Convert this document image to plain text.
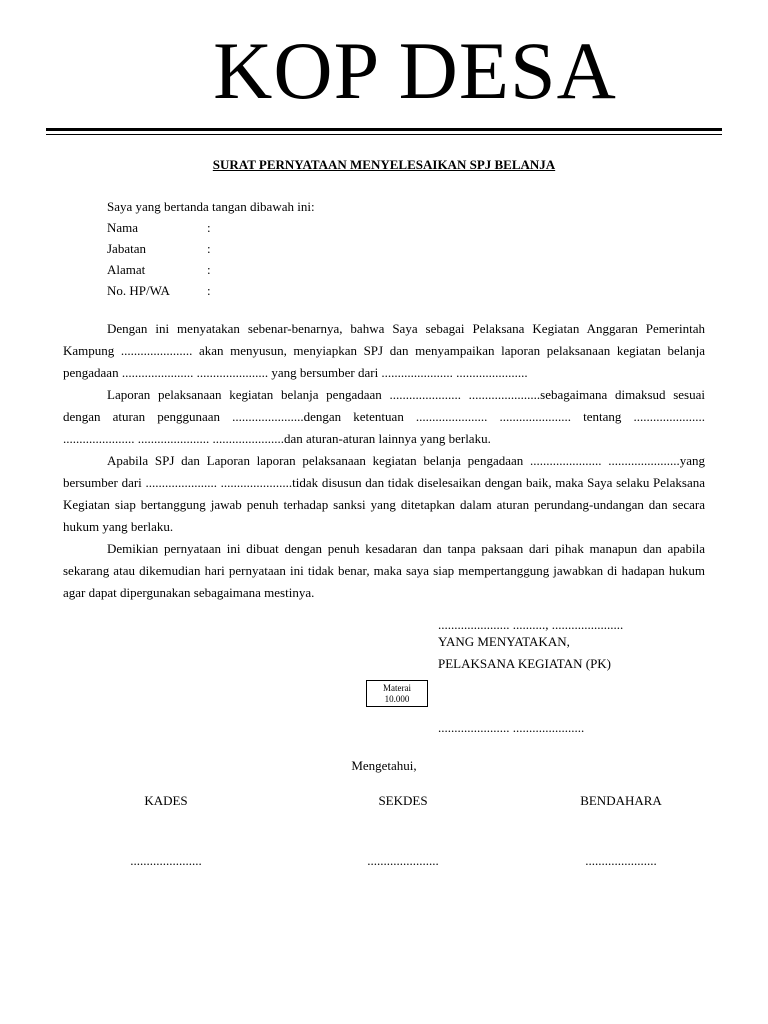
KOP DESA
SURAT PERNYATAAN MENYELESAIKAN SPJ BELANJA
Saya yang bertanda tangan dibawah ini:
Nama	:
Jabatan	:
Alamat	:
No. HP/WA	:

Dengan ini menyatakan sebenar-benarnya, bahwa Saya sebagai Pelaksana Kegiatan Anggaran Pemerintah Kampung ...................... akan menyusun, menyiapkan SPJ dan menyampaikan laporan pelaksanaan kegiatan belanja pengadaan ...................... ...................... yang bersumber dari ...................... ......................

Laporan pelaksanaan kegiatan belanja pengadaan ...................... ......................sebagaimana dimaksud sesuai dengan aturan penggunaan ......................dengan ketentuan ...................... ...................... tentang ...................... ...................... ...................... ......................dan aturan-aturan lainnya yang berlaku.

Apabila SPJ dan Laporan laporan pelaksanaan kegiatan belanja pengadaan ...................... ......................yang bersumber dari ...................... ......................tidak disusun dan tidak diselesaikan dengan baik, maka Saya selaku Pelaksana Kegiatan siap bertanggung jawab penuh terhadap sanksi yang ditetapkan dalam aturan perundang-undangan dan secara hukum yang berlaku.

Demikian pernyataan ini dibuat dengan penuh kesadaran dan tanpa paksaan dari pihak manapun dan apabila sekarang atau dikemudian hari pernyataan ini tidak benar, maka saya siap mempertanggung jawabkan di hadapan hukum agar dapat dipergunakan sebagaimana mestinya.

...................... .........., ......................
YANG MENYATAKAN,
PELAKSANA KEGIATAN (PK)
Materai
10.000
...................... ......................
Mengetahui,
KADES	SEKDES	BENDAHARA
......................	......................	......................
